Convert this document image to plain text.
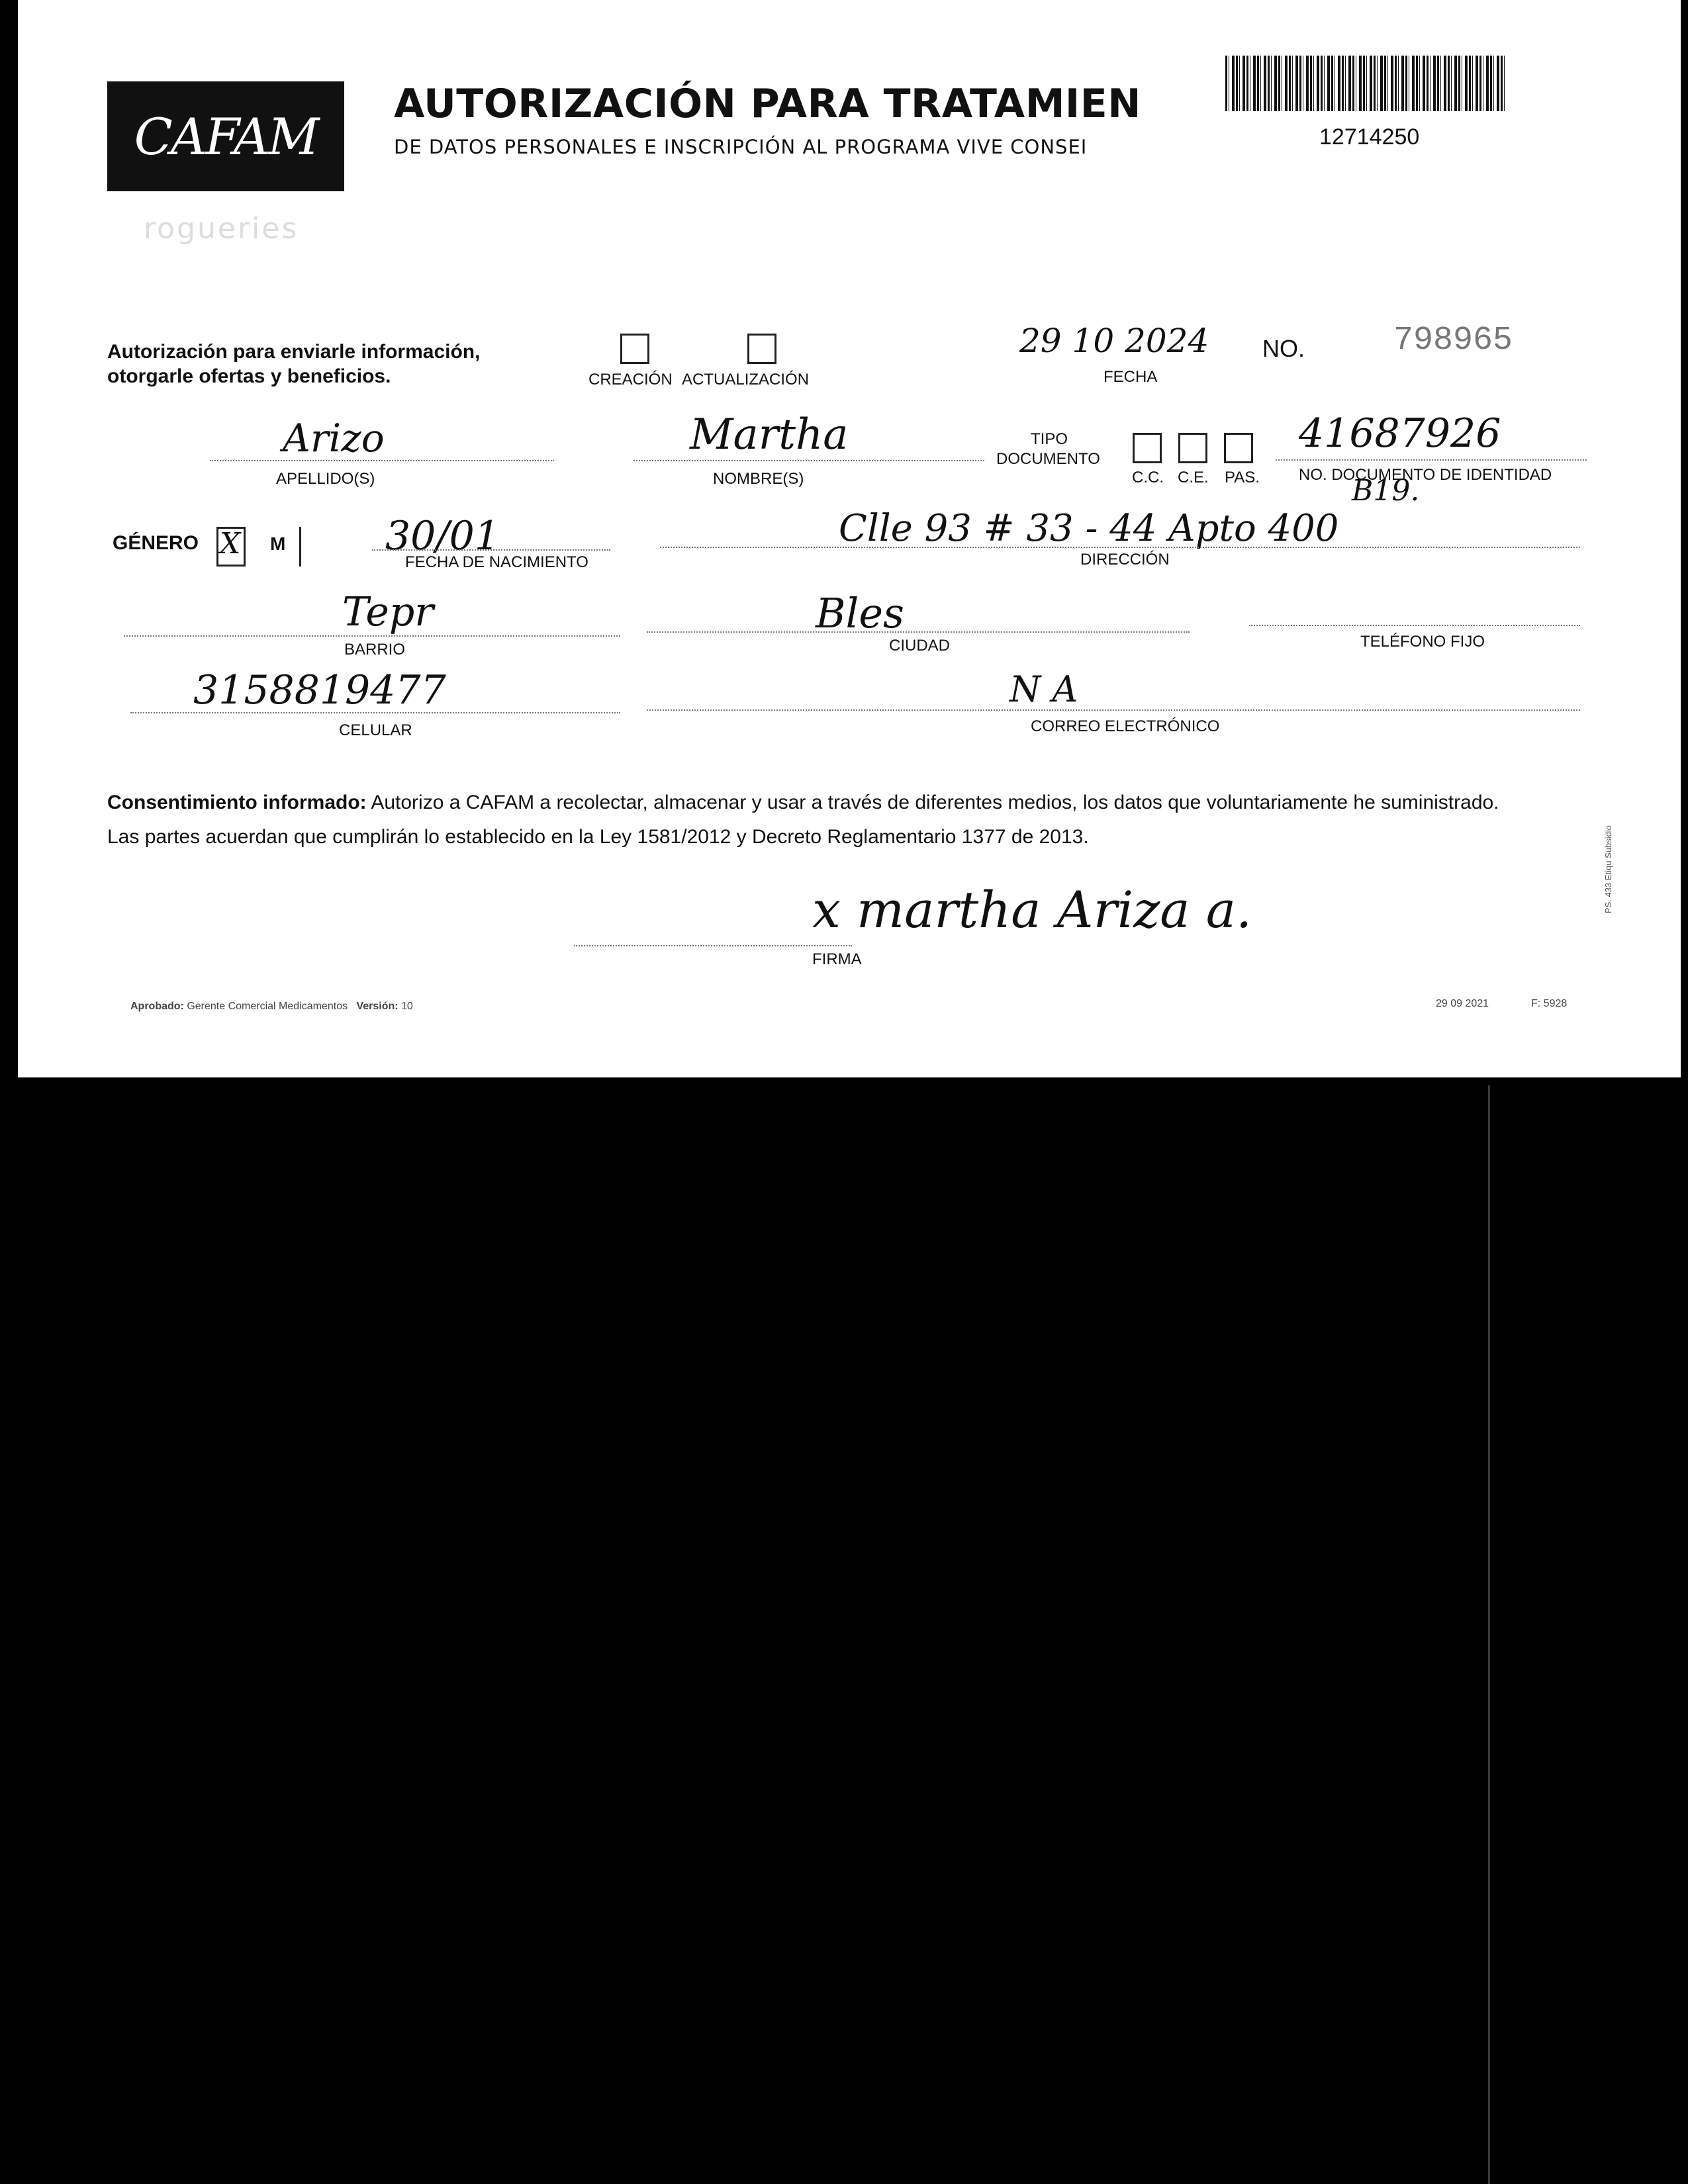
CAFAM
AUTORIZACIÓN PARA TRATAMIEN
DE DATOS PERSONALES E INSCRIPCIÓN AL PROGRAMA VIVE CONSEI
rogueries
12714250
Autorización para enviarle información,
otorgarle ofertas y beneficios.	CREACIÓN ACTUALIZACIÓN
29 10 2024
FECHA
NO.	798965
Arizo
APELLIDO(S)
Martha
NOMBRE(S)
TIPO
DOCUMENTO
C.C. C.E. PAS.
41687926
NO. DOCUMENTO DE IDENTIDAD
GÉNERO X M	30/01
FECHA DE NACIMIENTO
Clle 93 # 33 - 44 Apto 400
B19.
DIRECCIÓN
Tepr
BARRIO
Bles
CIUDAD	TELÉFONO FIJO
3158819477
CELULAR
N A
CORREO ELECTRÓNICO
Consentimiento informado: Autorizo a CAFAM a recolectar, almacenar y usar a través de diferentes medios, los datos que voluntariamente he suministrado.
Las partes acuerdan que cumplirán lo establecido en la Ley 1581/2012 y Decreto Reglamentario 1377 de 2013.
x martha Ariza a.
FIRMA
Aprobado: Gerente Comercial Medicamentos Versión: 10	29 09 2021	F: 5928
PS. 433 Etiqu Subsidio
